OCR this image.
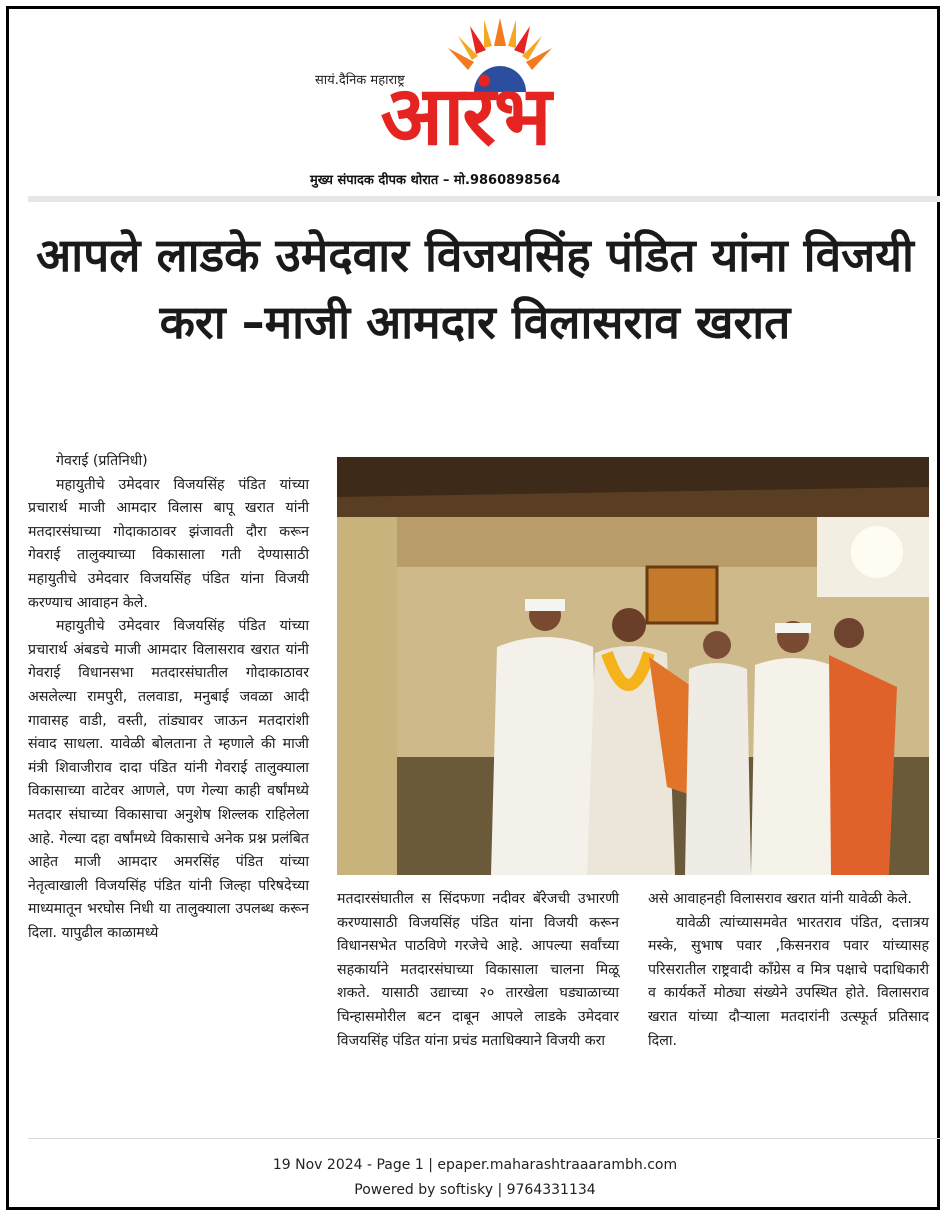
सायं.दैनिक महाराष्ट्र
आरंभ
मुख्य संपादक दीपक थोरात – मो.9860898564
आपले लाडके उमेदवार विजयसिंह पंडित यांना विजयी करा –माजी आमदार विलासराव खरात

गेवराई (प्रतिनिधी)

महायुतीचे उमेदवार विजयसिंह पंडित यांच्या प्रचारार्थ माजी आमदार विलास बापू खरात यांनी मतदारसंघाच्या गोदाकाठावर झंजावती दौरा करून गेवराई तालुक्याच्या विकासाला गती देण्यासाठी महायुतीचे उमेदवार विजयसिंह पंडित यांना विजयी करण्याच आवाहन केले.

महायुतीचे उमेदवार विजयसिंह पंडित यांच्या प्रचारार्थ अंबडचे माजी आमदार विलासराव खरात यांनी गेवराई विधानसभा मतदारसंघातील गोदाकाठावर असलेल्या रामपुरी, तलवाडा, मनुबाई जवळा आदी गावासह वाडी, वस्ती, तांड्यावर जाऊन मतदारांशी संवाद साधला. यावेळी बोलताना ते म्हणाले की माजी मंत्री शिवाजीराव दादा पंडित यांनी गेवराई तालुक्याला विकासाच्या वाटेवर आणले, पण गेल्या काही वर्षांमध्ये मतदार संघाच्या विकासाचा अनुशेष शिल्लक राहिलेला आहे. गेल्या दहा वर्षांमध्ये विकासाचे अनेक प्रश्न प्रलंबित आहेत माजी आमदार अमरसिंह पंडित यांच्या नेतृत्वाखाली विजयसिंह पंडित यांनी जिल्हा परिषदेच्या माध्यमातून भरघोस निधी या तालुक्याला उपलब्ध करून दिला. यापुढील काळामध्ये

मतदारसंघातील स सिंदफणा नदीवर बॅरेजची उभारणी करण्यासाठी विजयसिंह पंडित यांना विजयी करून विधानसभेत पाठविणे गरजेचे आहे. आपल्या सर्वांच्या सहकार्याने मतदारसंघाच्या विकासाला चालना मिळू शकते. यासाठी उद्याच्या २० तारखेला घड्याळाच्या चिन्हासमोरील बटन दाबून आपले लाडके उमेदवार विजयसिंह पंडित यांना प्रचंड मताधिक्याने विजयी करा

असे आवाहनही विलासराव खरात यांनी यावेळी केले.

यावेळी त्यांच्यासमवेत भारतराव पंडित, दत्तात्रय मस्के, सुभाष पवार ,किसनराव पवार यांच्यासह परिसरातील राष्ट्रवादी काँग्रेस व मित्र पक्षाचे पदाधिकारी व कार्यकर्ते मोठ्या संख्येने उपस्थित होते. विलासराव खरात यांच्या दौऱ्याला मतदारांनी उत्स्फूर्त प्रतिसाद दिला.

19 Nov 2024 - Page 1 | epaper.maharashtraaarambh.com
Powered by softisky | 9764331134
